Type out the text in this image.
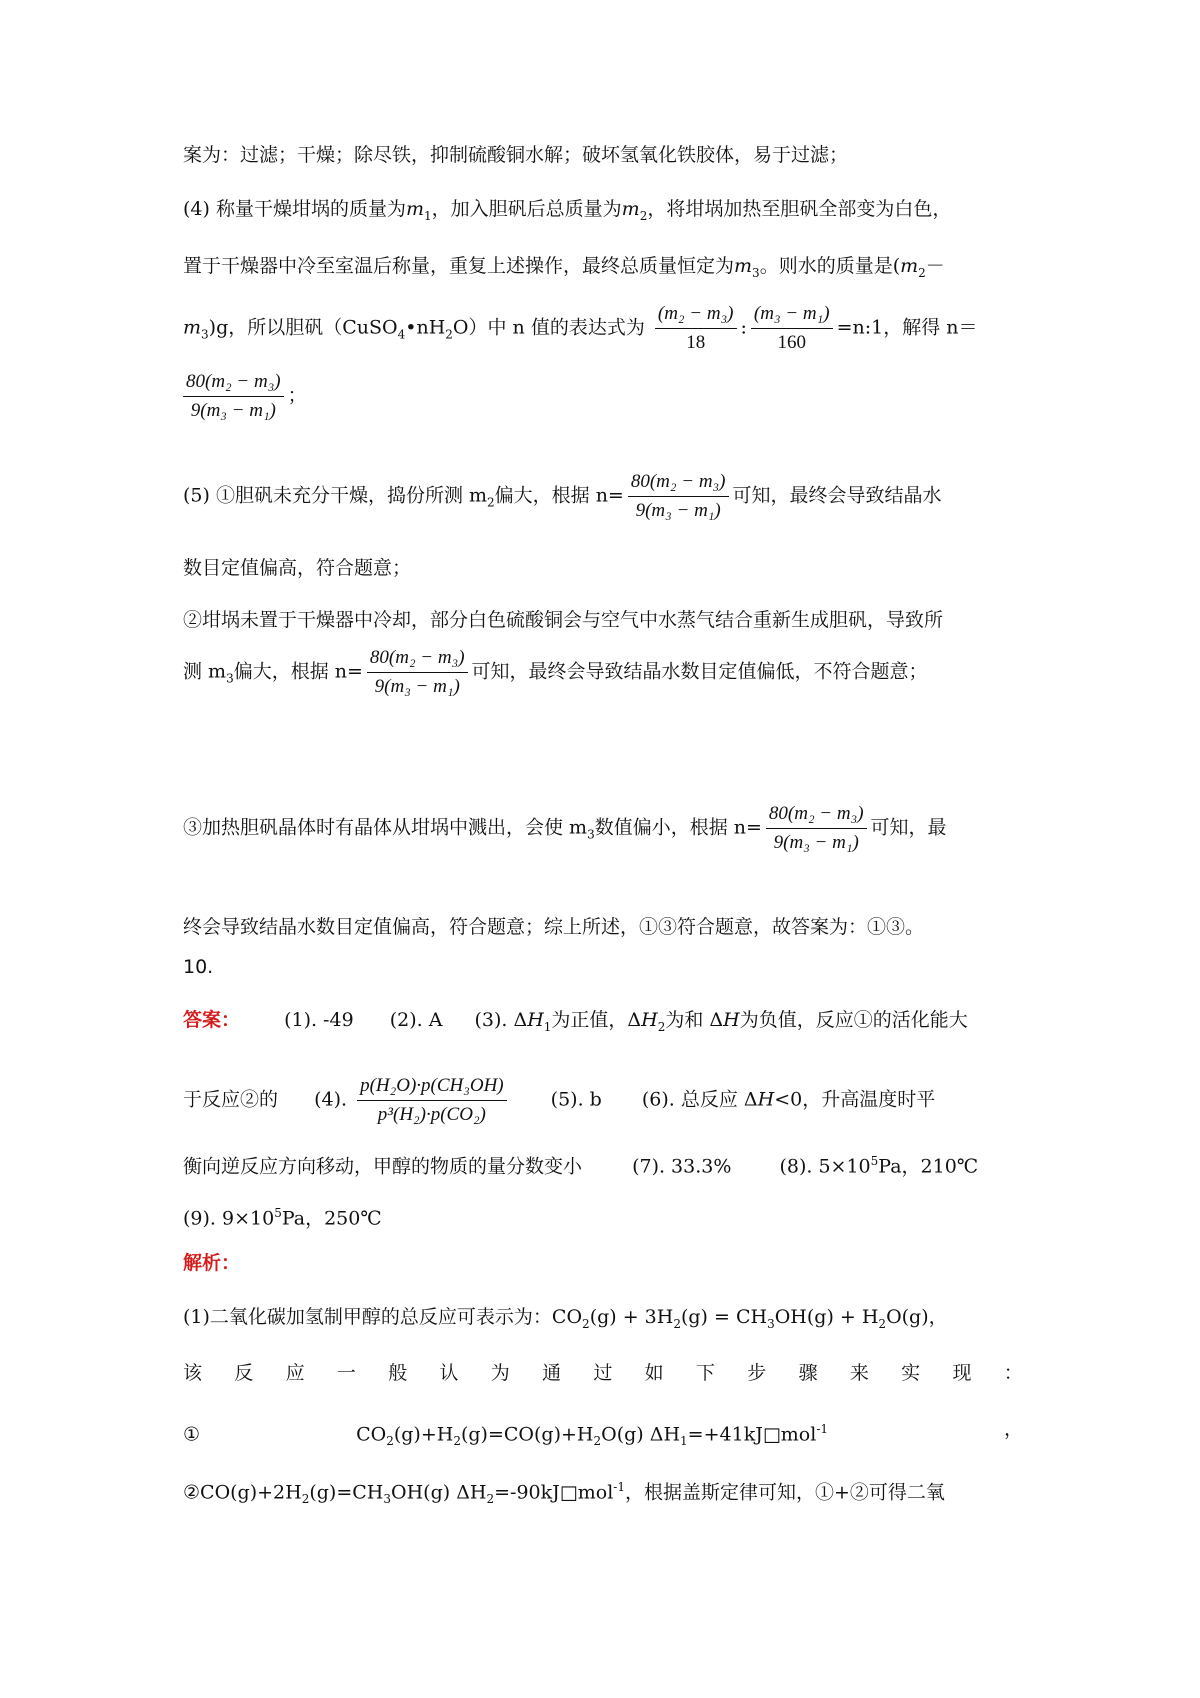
案为：过滤；干燥；除尽铁，抑制硫酸铜水解；破坏氢氧化铁胶体，易于过滤；
(4) 称量干燥坩埚的质量为$m_1$，加入胆矾后总质量为$m_2$，将坩埚加热至胆矾全部变为白色，
置于干燥器中冷至室温后称量，重复上述操作，最终总质量恒定为$m_3$。则水的质量是($m_2-$
$m_3)g$，所以胆矾$(CuSO_4•nH_2O)$中 n 值的表达式为 $\frac{\text{(m₂ − m₃)}}{18}$ : $\frac{\text{(m₃ − m₁)}}{160}$ =n:1，解得 n＝
$\frac{\text{80(m₂ − m₃)}}{\text{9(m₃ − m₁)}}$ ；
(5) ①胆矾未充分干燥，捣份所测 $m_2$偏大，根据 $n= \frac{\text{80(m₂ − m₃)}}{\text{9(m₃ − m₁)}}$ 可知，最终会导致结晶水
数目定值偏高，符合题意；
②坩埚未置于干燥器中冷却，部分白色硫酸铜会与空气中水蒸气结合重新生成胆矾，导致所
测 $m_3$偏大，根据 $n= \frac{\text{80(m₂ − m₃)}}{\text{9(m₃ − m₁)}}$ 可知，最终会导致结晶水数目定值偏低，不符合题意；
③加热胆矾晶体时有晶体从坩埚中溅出，会使 $m_3$数值偏小，根据 $n= \frac{\text{80(m₂ − m₃)}}{\text{9(m₃ − m₁)}}$ 可知，最
终会导致结晶水数目定值偏高，符合题意；综上所述，①③符合题意，故答案为：①③。
10.
答案： (1). -49 (2). A (3). $\Delta H_1$为正值，$\Delta H_2$为和 ΔH为负值，反应①的活化能大
于反应②的 (4). $\frac{\text{p(H₂O)·p(CH₃OH)}}{\text{p³(H₂)·p(CO₂)}} (5)$. b (6). 总反应 ΔH<0，升高温度时平
衡向逆反应方向移动，甲醇的物质的量分数变小	(7). 33.3%	(8). $5\times 10^5Pa$，210℃
(9). $9\times 10^5Pa$，250℃
解析：
(1)二氧化碳加氢制甲醇的总反应可表示为：$CO_2(g) + 3H_2(g) = CH_3OH(g) + H_2O(g)$，
该 反 应 一 般 认 为 通 过 如 下 步 骤 来 实 现 ：
①	$CO_2(g)+H_2(g)=CO(g)+H_2O(g)$ $\Delta H_1=+41kJ□mol^{-1}$	，
$②CO(g)+2H_2(g)=CH_3OH(g)$ $\Delta H_2=-90kJ□mol^{-1}$，根据盖斯定律可知，①+②可得二氧
